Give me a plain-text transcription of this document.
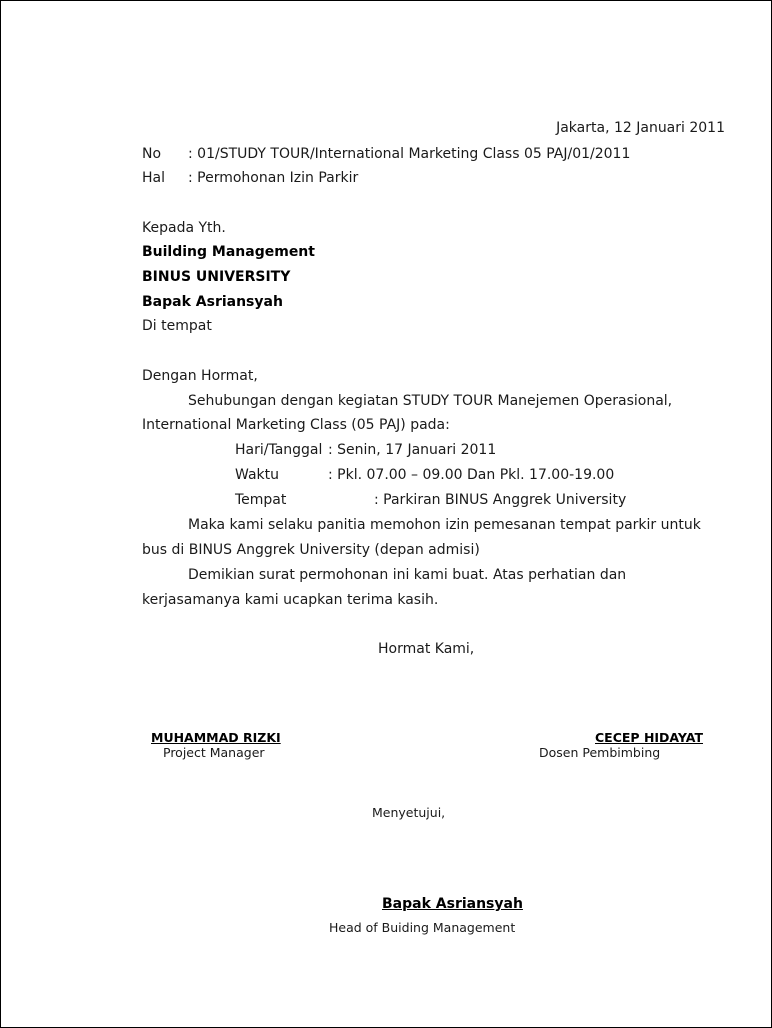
Jakarta, 12 Januari 2011
No : 01/STUDY TOUR/International Marketing Class 05 PAJ/01/2011
Hal : Permohonan Izin Parkir
Kepada Yth.
Building Management
BINUS UNIVERSITY
Bapak Asriansyah
Di tempat
Dengan Hormat,
Sehubungan dengan kegiatan STUDY TOUR Manejemen Operasional,
International Marketing Class (05 PAJ) pada:
Hari/Tanggal : Senin, 17 Januari 2011
Waktu	: Pkl. 07.00 – 09.00 Dan Pkl. 17.00-19.00
Tempat	: Parkiran BINUS Anggrek University
Maka kami selaku panitia memohon izin pemesanan tempat parkir untuk
bus di BINUS Anggrek University (depan admisi)
Demikian surat permohonan ini kami buat. Atas perhatian dan
kerjasamanya kami ucapkan terima kasih.
Hormat Kami,
MUHAMMAD RIZKI
Project Manager
CECEP HIDAYAT
Dosen Pembimbing
Menyetujui,
Bapak Asriansyah
Head of Buiding Management
